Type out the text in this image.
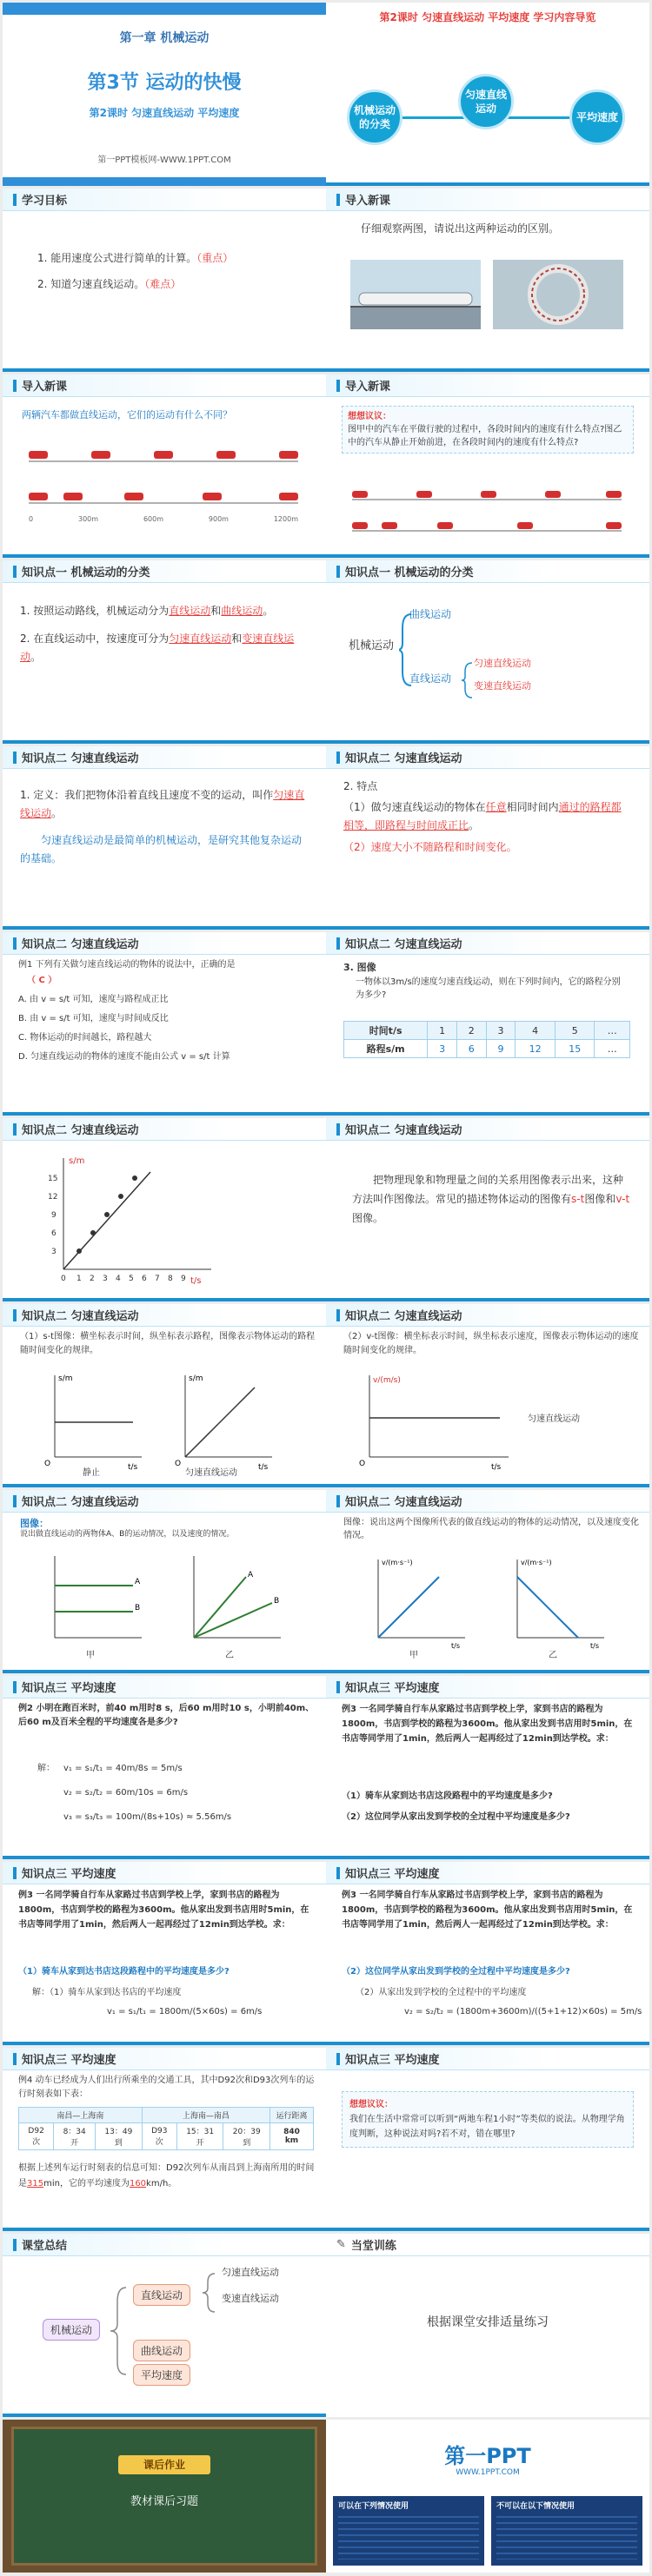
第一章 机械运动
第3节 运动的快慢
第2课时 匀速直线运动 平均速度
第一PPT模板网-WWW.1PPT.COM
第2课时 匀速直线运动 平均速度 学习内容导览
机械运动的分类
匀速直线运动
平均速度
学习目标
1. 能用速度公式进行简单的计算。（重点）
2. 知道匀速直线运动。（难点）
导入新课
仔细观察两图，请说出这两种运动的区别。
导入新课
两辆汽车都做直线运动，它们的运动有什么不同？
0	300m	600m	900m	1200m
导入新课
想想议议：
图甲中的汽车在平做行驶的过程中，各段时间内的速度有什么特点?图乙中的汽车从静止开始前进，在各段时间内的速度有什么特点?
知识点一 机械运动的分类
1. 按照运动路线，机械运动分为直线运动和曲线运动。
2. 在直线运动中，按速度可分为匀速直线运动和变速直线运动。
知识点一 机械运动的分类
机械运动
曲线运动
直线运动
匀速直线运动
变速直线运动
知识点二 匀速直线运动
1. 定义：我们把物体沿着直线且速度不变的运动，叫作匀速直线运动。
匀速直线运动是最简单的机械运动，是研究其他复杂运动的基础。
知识点二 匀速直线运动
2. 特点
（1）做匀速直线运动的物体在任意相同时间内通过的路程都相等，即路程与时间成正比。
（2）速度大小不随路程和时间变化。
知识点二 匀速直线运动
例1 下列有关做匀速直线运动的物体的说法中，正确的是
（ C ）
A. 由 v = s/t 可知，速度与路程成正比
B. 由 v = s/t 可知，速度与时间成反比
C. 物体运动的时间越长，路程越大
D. 匀速直线运动的物体的速度不能由公式 v = s/t 计算
知识点二 匀速直线运动
3. 图像
一物体以3m/s的速度匀速直线运动，则在下列时间内，它的路程分别为多少?
时间t/s	1	2	3	4	5	…
路程s/m	3	6	9	12	15	…
知识点二 匀速直线运动
s/m
t/s
3
6
9
12
15
0 1 2 3 4 5 6 7 8 9
知识点二 匀速直线运动
把物理现象和物理量之间的关系用图像表示出来，这种方法叫作图像法。常见的描述物体运动的图像有s-t图像和v-t图像。
知识点二 匀速直线运动
（1）s-t图像：横坐标表示时间，纵坐标表示路程，图像表示物体运动的路程随时间变化的规律。
s/m
t/s
O
静止
s/m
t/s
O
匀速直线运动
知识点二 匀速直线运动
（2）v-t图像：横坐标表示时间，纵坐标表示速度，图像表示物体运动的速度随时间变化的规律。
v/(m/s)
t/s
O
匀速直线运动
知识点二 匀速直线运动
图像：
说出做直线运动的两物体A、B的运动情况，以及速度的情况。
A
B
甲
A
B
乙
知识点二 匀速直线运动
图像：说出这两个图像所代表的做直线运动的物体的运动情况，以及速度变化情况。
v/(m·s⁻¹)
t/s
甲
v/(m·s⁻¹)
t/s
乙
知识点三 平均速度
例2 小明在跑百米时，前40 m用时8 s，后60 m用时10 s，小明前40m、后60 m及百米全程的平均速度各是多少?
解： v₁ = s₁/t₁ = 40m/8s = 5m/s
v₂ = s₂/t₂ = 60m/10s = 6m/s
v₃ = s₃/t₃ = 100m/(8s+10s) ≈ 5.56m/s
知识点三 平均速度
例3 一名同学骑自行车从家路过书店到学校上学，家到书店的路程为1800m，书店到学校的路程为3600m。他从家出发到书店用时5min，在书店等同学用了1min，然后两人一起再经过了12min到达学校。求：
（1）骑车从家到达书店这段路程中的平均速度是多少?
（2）这位同学从家出发到学校的全过程中平均速度是多少?
知识点三 平均速度
例3 一名同学骑自行车从家路过书店到学校上学，家到书店的路程为1800m，书店到学校的路程为3600m。他从家出发到书店用时5min，在书店等同学用了1min，然后两人一起再经过了12min到达学校。求：
（1）骑车从家到达书店这段路程中的平均速度是多少?
解：（1）骑车从家到达书店的平均速度
v₁ = s₁/t₁ = 1800m/(5×60s) = 6m/s
知识点三 平均速度
例3 一名同学骑自行车从家路过书店到学校上学，家到书店的路程为1800m，书店到学校的路程为3600m。他从家出发到书店用时5min，在书店等同学用了1min，然后两人一起再经过了12min到达学校。求：
（2）这位同学从家出发到学校的全过程中平均速度是多少?
（2）从家出发到学校的全过程中的平均速度
v₂ = s₂/t₂ = (1800m+3600m)/((5+1+12)×60s) = 5m/s
知识点三 平均速度
例4 动车已经成为人们出行所乘坐的交通工具，其中D92次和D93次列车的运行时刻表如下表：
南昌—上海南			上海南—南昌			运行距离
D92次	8：34开	13：49到	D93次	15：31开	20：39到	840 km
根据上述列车运行时刻表的信息可知：D92次列车从南昌到上海南所用的时间是315min，它的平均速度为160km/h。
知识点三 平均速度
想想议议：
我们在生活中常常可以听到“两地车程1小时”等类似的说法。从物理学角度判断，这种说法对吗?若不对，错在哪里?
课堂总结
机械运动
直线运动
曲线运动
平均速度
匀速直线运动
变速直线运动
✎ 当堂训练
根据课堂安排适量练习
课后作业
教材课后习题
第一PPT
WWW.1PPT.COM
可以在下列情况使用	不可以在以下情况使用
